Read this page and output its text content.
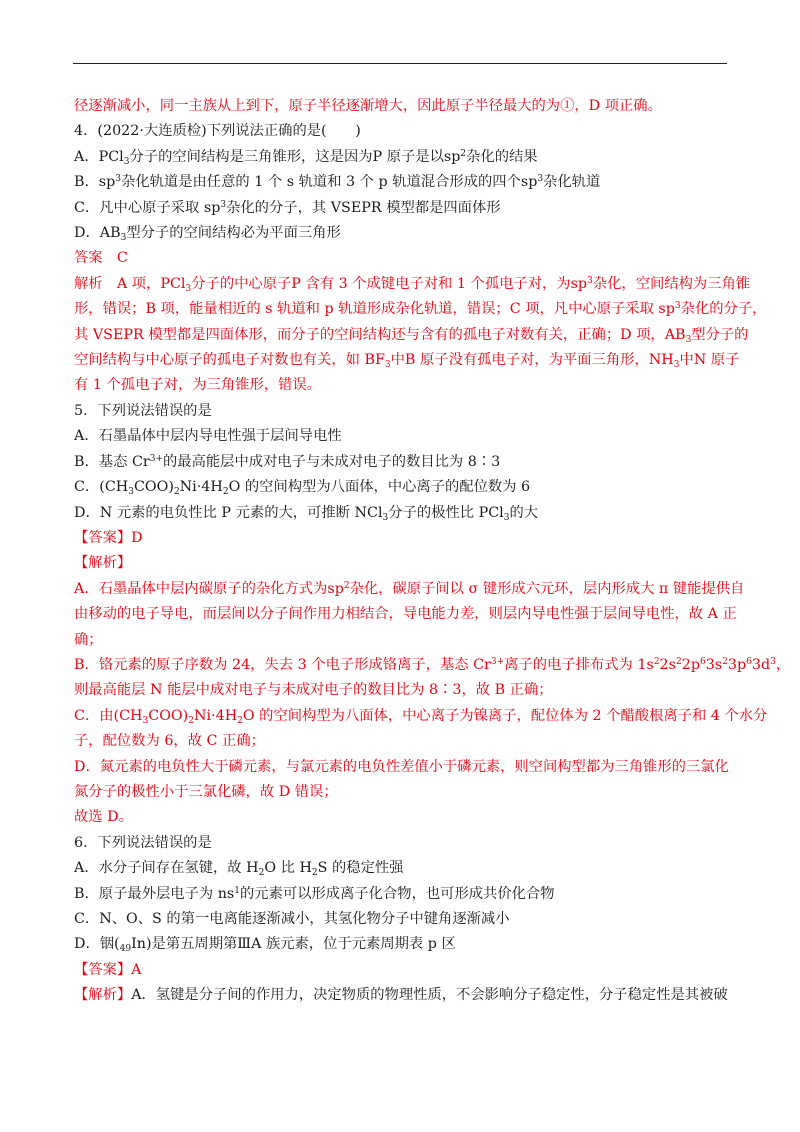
径逐渐减小，同一主族从上到下，原子半径逐渐增大，因此原子半径最大的为①，D 项正确。
4．(2022·大连质检)下列说法正确的是(　　)
A．PCl$_3$分子的空间结构是三角锥形，这是因为P 原子是以$sp^2$杂化的结果
B．$sp^3$杂化轨道是由任意的 1 个 s 轨道和 3 个 p 轨道混合形成的四个$sp^3$杂化轨道
C．凡中心原子采取 $sp^3$杂化的分子，其 VSEPR 模型都是四面体形
D．$AB_3$型分子的空间结构必为平面三角形
答案　C
解析　A 项，PCl$_3$分子的中心原子P 含有 3 个成键电子对和 1 个孤电子对，为$sp^3$杂化，空间结构为三角锥
形，错误；B 项，能量相近的 s 轨道和 p 轨道形成杂化轨道，错误；C 项，凡中心原子采取 $sp^3$杂化的分子，
其 VSEPR 模型都是四面体形，而分子的空间结构还与含有的孤电子对数有关，正确；D 项，$AB_3$型分子的
空间结构与中心原子的孤电子对数也有关，如 $BF_3$中B 原子没有孤电子对，为平面三角形，$NH_3$中N 原子
有 1 个孤电子对，为三角锥形，错误。
5．下列说法错误的是
A．石墨晶体中层内导电性强于层间导电性
B．基态 $Cr^{3+}$的最高能层中成对电子与未成对电子的数目比为 8∶3
C．$(CH_3COO)_2Ni\cdot 4H_2O$ 的空间构型为八面体，中心离子的配位数为 6
D．N 元素的电负性比 P 元素的大，可推断 NCl$_3$分子的极性比 PCl$_3$的大
【答案】D
【解析】
A．石墨晶体中层内碳原子的杂化方式为$sp^2$杂化，碳原子间以 σ 键形成六元环，层内形成大 π 键能提供自
由移动的电子导电，而层间以分子间作用力相结合，导电能力差，则层内导电性强于层间导电性，故 A 正
确；
B．铬元素的原子序数为 24，失去 3 个电子形成铬离子，基态 $Cr^{3+}$离子的电子排布式为 $1s^22s^22p^63s^23p^63d^3$，
则最高能层 N 能层中成对电子与未成对电子的数目比为 8∶3，故 B 正确；
C．由$(CH_3COO)_2Ni\cdot 4H_2O$ 的空间构型为八面体，中心离子为镍离子，配位体为 2 个醋酸根离子和 4 个水分
子，配位数为 6，故 C 正确；
D．氮元素的电负性大于磷元素，与氯元素的电负性差值小于磷元素，则空间构型都为三角锥形的三氯化
氮分子的极性小于三氯化磷，故 D 错误；
故选 D。
6．下列说法错误的是
A．水分子间存在氢键，故 $H_2O$ 比 $H_2S$ 的稳定性强
B．原子最外层电子为 $ns^1$的元素可以形成离子化合物，也可形成共价化合物
C．N、O、S 的第一电离能逐渐减小，其氢化物分子中键角逐渐减小
D．铟$(_{49}In)$是第五周期第ⅢA 族元素，位于元素周期表 p 区
【答案】A
【解析】A．氢键是分子间的作用力，决定物质的物理性质，不会影响分子稳定性，分子稳定性是其被破
